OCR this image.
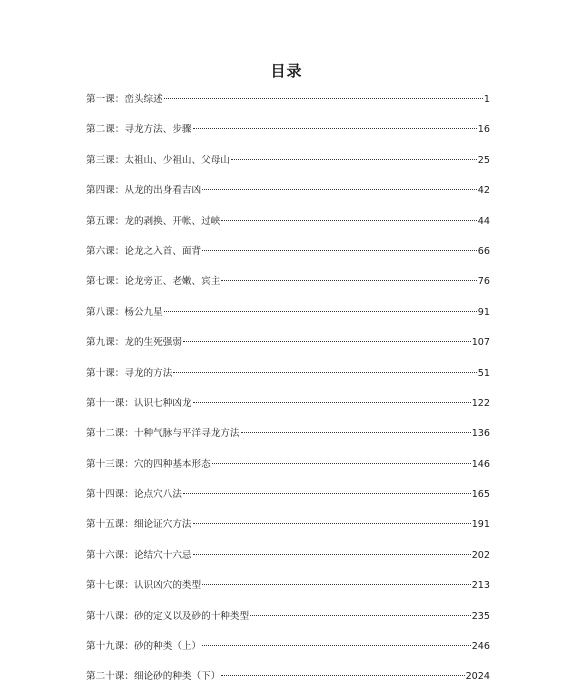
目录
第一课：峦头综述	1
第二课：寻龙方法、步骤	16
第三课：太祖山、少祖山、父母山	25
第四课：从龙的出身看吉凶	42
第五课：龙的剥换、开帐、过峡	44
第六课：论龙之入首、面背	66
第七课：论龙旁正、老嫩、宾主	76
第八课：杨公九星	91
第九课：龙的生死强弱	107
第十课：寻龙的方法	51
第十一课：认识七种凶龙	122
第十二课：十种气脉与平洋寻龙方法	136
第十三课：穴的四种基本形态	146
第十四课：论点穴八法	165
第十五课：细论证穴方法	191
第十六课：论结穴十六忌	202
第十七课：认识凶穴的类型	213
第十八课：砂的定义以及砂的十种类型	235
第十九课：砂的种类（上）	246
第二十课：细论砂的种类（下）	2024
